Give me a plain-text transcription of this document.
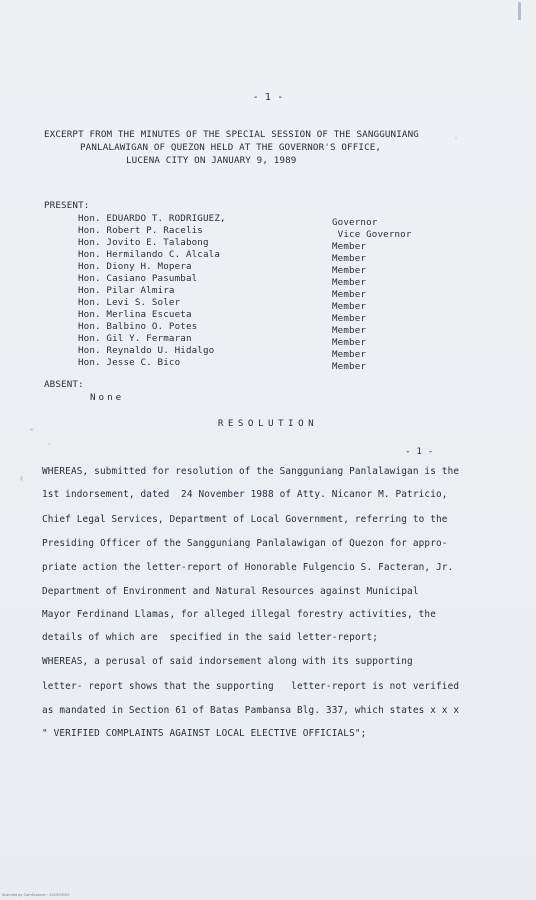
- 1 -
EXCERPT FROM THE MINUTES OF THE SPECIAL SESSION OF THE SANGGUNIANG
PANLALAWIGAN OF QUEZON HELD AT THE GOVERNOR'S OFFICE,
LUCENA CITY ON JANUARY 9, 1989
PRESENT:
Hon. EDUARDO T. RODRIGUEZ,	Governor
Hon. Robert P. Racelis	Vice Governor
Hon. Jovito E. Talabong	Member
Hon. Hermilando C. Alcala	Member
Hon. Diony H. Mopera	Member
Hon. Casiano Pasumbal	Member
Hon. Pilar Almira	Member
Hon. Levi S. Soler	Member
Hon. Merlina Escueta	Member
Hon. Balbino O. Potes	Member
Hon. Gil Y. Fermaran	Member
Hon. Reynaldo U. Hidalgo	Member
Hon. Jesse C. Bico	Member
ABSENT:
None
RESOLUTION
- 1 -
WHEREAS, submitted for resolution of the Sangguniang Panlalawigan is the
1st indorsement, dated  24 November 1988 of Atty. Nicanor M. Patricio,
Chief Legal Services, Department of Local Government, referring to the
Presiding Officer of the Sangguniang Panlalawigan of Quezon for appro-
priate action the letter-report of Honorable Fulgencio S. Facteran, Jr.
Department of Environment and Natural Resources against Municipal
Mayor Ferdinand Llamas, for alleged illegal forestry activities, the
details of which are  specified in the said letter-report;
WHEREAS, a perusal of said indorsement along with its supporting
letter- report shows that the supporting   letter-report is not verified
as mandated in Section 61 of Batas Pambansa Blg. 337, which states x x x
" VERIFIED COMPLAINTS AGAINST LOCAL ELECTIVE OFFICIALS";
Scanned by CamScanner · 2019/05/09
